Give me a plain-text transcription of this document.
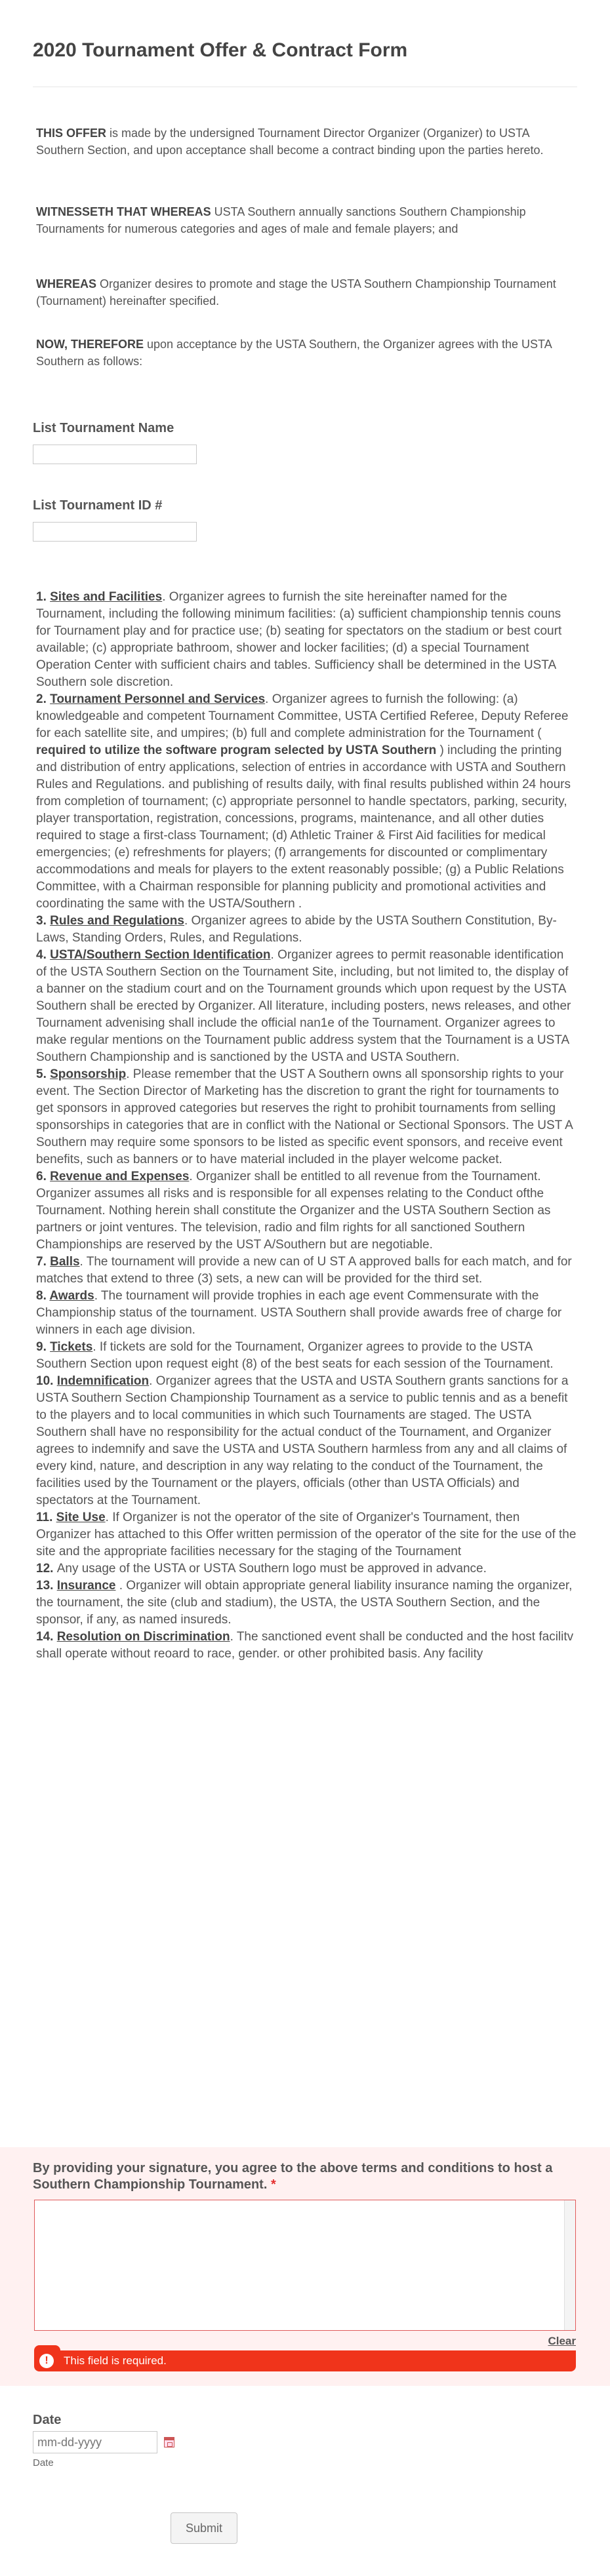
2020 Tournament Offer & Contract Form
THIS OFFER is made by the undersigned Tournament Director Organizer (Organizer) to USTA Southern Section, and upon acceptance shall become a contract binding upon the parties hereto.
WITNESSETH THAT WHEREAS USTA Southern annually sanctions Southern Championship Tournaments for numerous categories and ages of male and female players; and
WHEREAS Organizer desires to promote and stage the USTA Southern Championship Tournament (Tournament) hereinafter specified.
NOW, THEREFORE upon acceptance by the USTA Southern, the Organizer agrees with the USTA Southern as follows:
List Tournament Name
List Tournament ID #

1. Sites and Facilities. Organizer agrees to furnish the site hereinafter named for the Tournament, including the following minimum facilities: (a) sufficient championship tennis couns for Tournament play and for practice use; (b) seating for spectators on the stadium or best court available; (c) appropriate bathroom, shower and locker facilities; (d) a special Tournament Operation Center with sufficient chairs and tables. Sufficiency shall be determined in the USTA Southern sole discretion.

2. Tournament Personnel and Services. Organizer agrees to furnish the following: (a) knowledgeable and competent Tournament Committee, USTA Certified Referee, Deputy Referee for each satellite site, and umpires; (b) full and complete administration for the Tournament ( required to utilize the software program selected by USTA Southern ) including the printing and distribution of entry applications, selection of entries in accordance with USTA and Southern Rules and Regulations. and publishing of results daily, with final results published within 24 hours from completion of tournament; (c) appropriate personnel to handle spectators, parking, security, player transportation, registration, concessions, programs, maintenance, and all other duties required to stage a first-class Tournament; (d) Athletic Trainer & First Aid facilities for medical emergencies; (e) refreshments for players; (f) arrangements for discounted or complimentary accommodations and meals for players to the extent reasonably possible; (g) a Public Relations Committee, with a Chairman responsible for planning publicity and promotional activities and coordinating the same with the USTA/Southern .

3. Rules and Regulations. Organizer agrees to abide by the USTA Southern Constitution, By-Laws, Standing Orders, Rules, and Regulations.

4. USTA/Southern Section Identification. Organizer agrees to permit reasonable identification of the USTA Southern Section on the Tournament Site, including, but not limited to, the display of a banner on the stadium court and on the Tournament grounds which upon request by the USTA Southern shall be erected by Organizer. All literature, including posters, news releases, and other Tournament advenising shall include the official nan1e of the Tournament. Organizer agrees to make regular mentions on the Tournament public address system that the Tournament is a USTA Southern Championship and is sanctioned by the USTA and USTA Southern.

5. Sponsorship. Please remember that the UST A Southern owns all sponsorship rights to your event. The Section Director of Marketing has the discretion to grant the right for tournaments to get sponsors in approved categories but reserves the right to prohibit tournaments from selling sponsorships in categories that are in conflict with the National or Sectional Sponsors. The UST A Southern may require some sponsors to be listed as specific event sponsors, and receive event benefits, such as banners or to have material included in the player welcome packet.

6. Revenue and Expenses. Organizer shall be entitled to all revenue from the Tournament. Organizer assumes all risks and is responsible for all expenses relating to the Conduct ofthe Tournament. Nothing herein shall constitute the Organizer and the USTA Southern Section as partners or joint ventures. The television, radio and film rights for all sanctioned Southern Championships are reserved by the UST A/Southern but are negotiable.

7. Balls. The tournament will provide a new can of U ST A approved balls for each match, and for matches that extend to three (3) sets, a new can will be provided for the third set.

8. Awards. The tournament will provide trophies in each age event Commensurate with the Championship status of the tournament. USTA Southern shall provide awards free of charge for winners in each age division.

9. Tickets. If tickets are sold for the Tournament, Organizer agrees to provide to the USTA Southern Section upon request eight (8) of the best seats for each session of the Tournament.

10. Indemnification. Organizer agrees that the USTA and USTA Southern grants sanctions for a USTA Southern Section Championship Tournament as a service to public tennis and as a benefit to the players and to local communities in which such Tournaments are staged. The USTA Southern shall have no responsibility for the actual conduct of the Tournament, and Organizer agrees to indemnify and save the USTA and USTA Southern harmless from any and all claims of every kind, nature, and description in any way relating to the conduct of the Tournament, the facilities used by the Tournament or the players, officials (other than USTA Officials) and spectators at the Tournament.

11. Site Use. If Organizer is not the operator of the site of Organizer's Tournament, then Organizer has attached to this Offer written permission of the operator of the site for the use of the site and the appropriate facilities necessary for the staging of the Tournament

12. Any usage of the USTA or USTA Southern logo must be approved in advance.

13. Insurance . Organizer will obtain appropriate general liability insurance naming the organizer, the tournament, the site (club and stadium), the USTA, the USTA Southern Section, and the sponsor, if any, as named insureds.

14. Resolution on Discrimination. The sanctioned event shall be conducted and the host facilitv shall operate without reoard to race, gender. or other prohibited basis. Any facility

By providing your signature, you agree to the above terms and conditions to host a Southern Championship Tournament. *
Clear
This field is required.
!
Date
mm-dd-yyyy
Date
Submit
